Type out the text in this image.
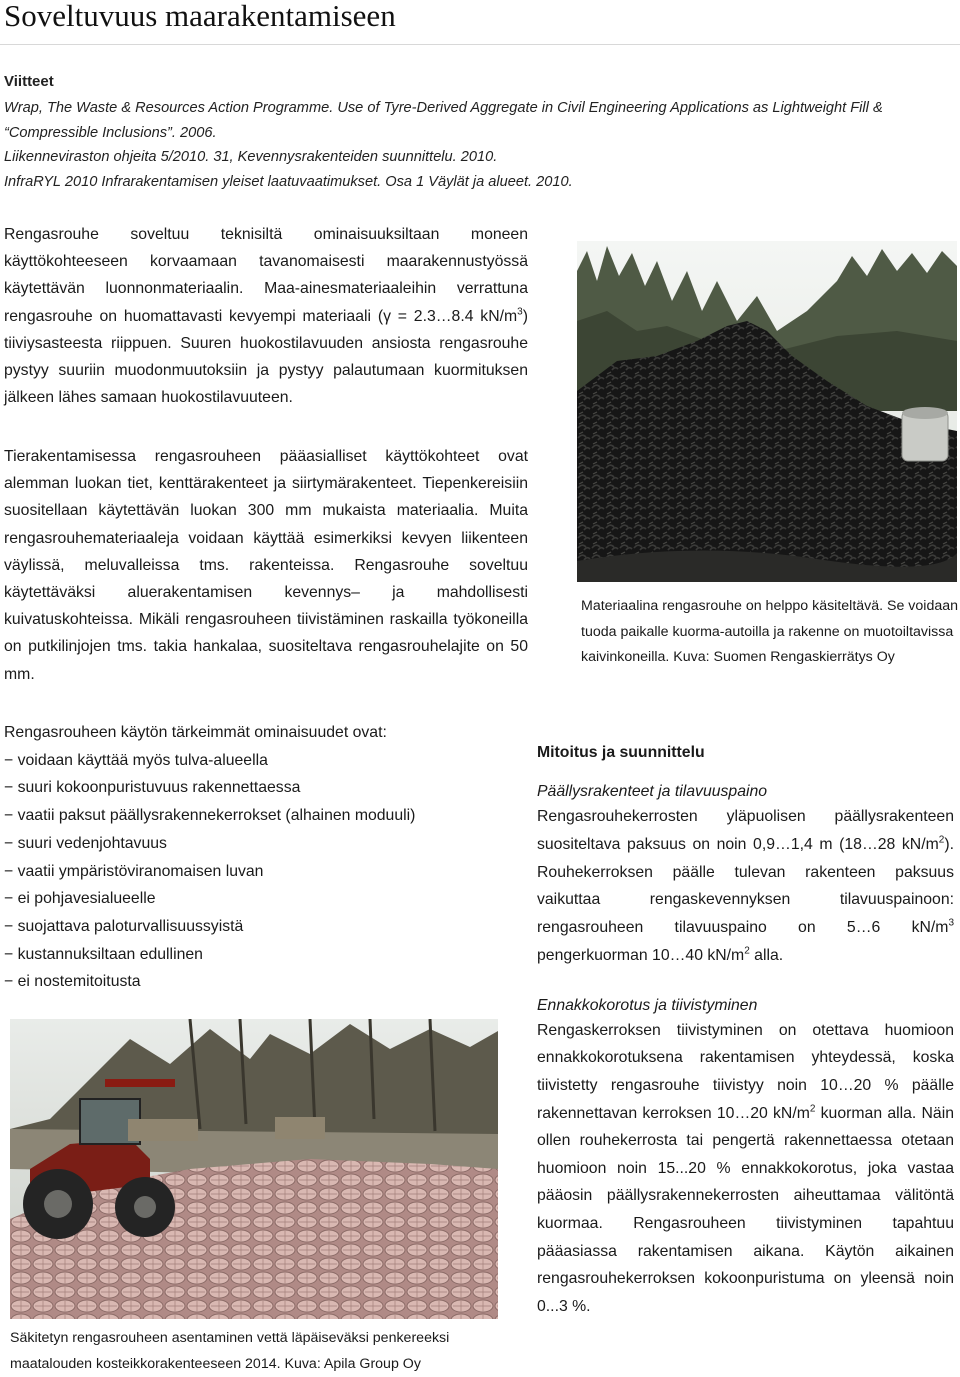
Soveltuvuus maarakentamiseen
Viitteet
Wrap, The Waste & Resources Action Programme. Use of Tyre-Derived Aggregate in Civil Engineering Applications as Lightweight Fill &
“Compressible Inclusions”. 2006.
Liikenneviraston ohjeita 5/2010. 31, Kevennysrakenteiden suunnittelu. 2010.
InfraRYL 2010 Infrarakentamisen yleiset laatuvaatimukset. Osa 1 Väylät ja alueet. 2010.

Rengasrouhe soveltuu teknisiltä ominaisuuksiltaan moneen käyttökohteeseen korvaamaan tavanomaisesti maarakennustyössä käytettävän luonnonmateriaalin. Maa-ainesmateriaaleihin verrattuna rengasrouhe on huomattavasti kevyempi materiaali (γ = 2.3…8.4 $kN/m^3$) tiiviysasteesta riippuen. Suuren huokostilavuuden ansiosta rengasrouhe pystyy suuriin muodonmuutoksiin ja pystyy palautumaan kuormituksen jälkeen lähes samaan huokostilavuuteen.

Tierakentamisessa rengasrouheen pääasialliset käyttökohteet ovat alemman luokan tiet, kenttärakenteet ja siirtymärakenteet. Tiepenkereisiin suositellaan käytettävän luokan 300 mm mukaista materiaalia. Muita rengasrouhemateriaaleja voidaan käyttää esimerkiksi kevyen liikenteen väylissä, meluvalleissa tms. rakenteissa. Rengasrouhe soveltuu käytettäväksi aluerakentamisen kevennys– ja mahdollisesti kuivatuskohteissa. Mikäli rengasrouheen tiivistäminen raskailla työkoneilla on putkilinjojen tms. takia hankalaa, suositeltava rengasrouhelajite on 50 mm.

Materiaalina rengasrouhe on helppo käsiteltävä. Se voidaan tuoda paikalle kuorma-autoilla ja rakenne on muotoiltavissa kaivinkoneilla. Kuva: Suomen Rengaskierrätys Oy
Rengasrouheen käytön tärkeimmät ominaisuudet ovat:
− voidaan käyttää myös tulva-alueella
− suuri kokoonpuristuvuus rakennettaessa
− vaatii paksut päällysrakennekerrokset (alhainen moduuli)
− suuri vedenjohtavuus
− vaatii ympäristöviranomaisen luvan
− ei pohjavesialueelle
− suojattava paloturvallisuussyistä
− kustannuksiltaan edullinen
− ei nostemitoitusta
Säkitetyn rengasrouheen asentaminen vettä läpäiseväksi penkereeksi maatalouden kosteikkorakenteeseen 2014. Kuva: Apila Group Oy
Mitoitus ja suunnittelu
Päällysrakenteet ja tilavuuspaino

Rengasrouhekerrosten yläpuolisen päällysrakenteen suositeltava paksuus on noin 0,9…1,4 m (18…28 $kN/m^2$). Rouhekerroksen päälle tulevan rakenteen paksuus vaikuttaa rengaskevennyksen tilavuuspainoon: rengasrouheen tilavuuspaino on 5…6 $kN/m^3$ pengerkuorman 10…40 $kN/m^2$ alla.

Ennakkokorotus ja tiivistyminen

Rengaskerroksen tiivistyminen on otettava huomioon ennakkokorotuksena rakentamisen yhteydessä, koska tiivistetty rengasrouhe tiivistyy noin 10…20 % päälle rakennettavan kerroksen 10…20 $kN/m^2$ kuorman alla. Näin ollen rouhekerrosta tai pengertä rakennettaessa otetaan huomioon noin 15...20 % ennakkokorotus, joka vastaa pääosin päällysrakennekerrosten aiheuttamaa välitöntä kuormaa. Rengasrouheen tiivistyminen tapahtuu pääasiassa rakentamisen aikana. Käytön aikainen rengasrouhekerroksen kokoonpuristuma on yleensä noin 0...3 %.
